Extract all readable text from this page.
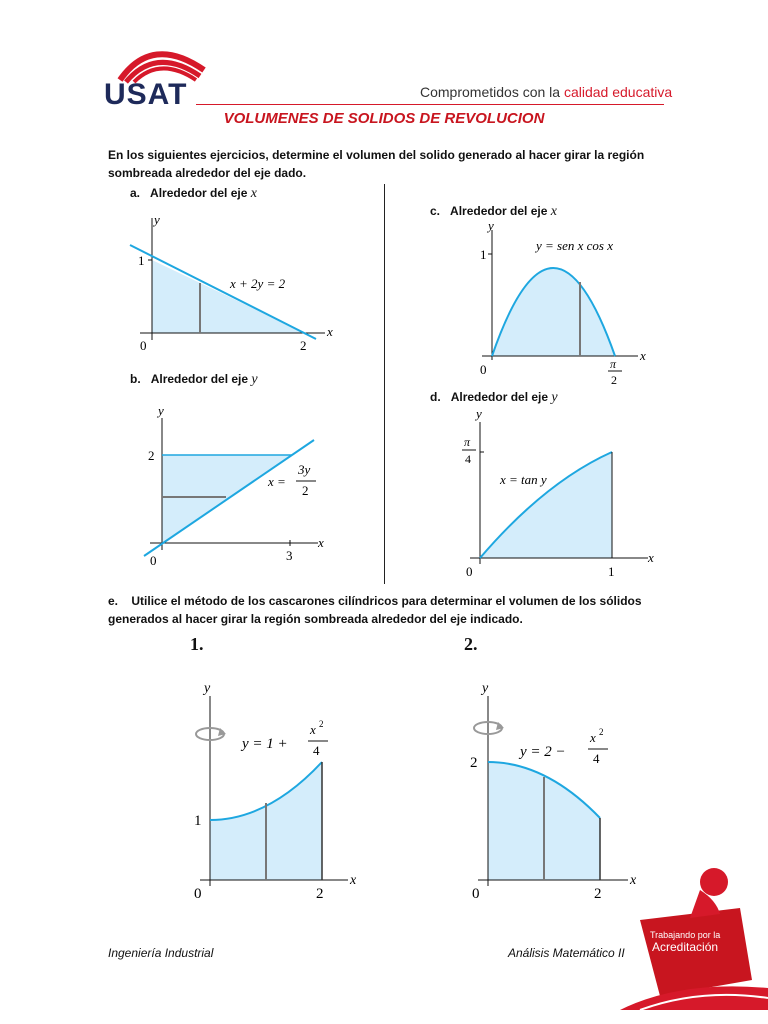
USAT	Comprometidos con la calidad educativa
VOLUMENES DE SOLIDOS DE REVOLUCION
En los siguientes ejercicios, determine el volumen del solido generado al hacer girar la región sombreada alrededor del eje dado.
a. Alrededor del eje x
b. Alrededor del eje y
c. Alrededor del eje x
d. Alrededor del eje y
y
x
1
2
0
x + 2y = 2
y
x
2
3
0
x =
3y
2
y
x
1
0	π
2
y = sen x cos x
y
x
π
4
1
0
x = tan y
e. Utilice el método de los cascarones cilíndricos para determinar el volumen de los sólidos generados al hacer girar la región sombreada alrededor del eje indicado.
1.	2.
y
x
1
2
0
y = 1 +
x 2
4
y
x
2
2
0
y = 2 −
x 2
4
Ingeniería Industrial	Análisis Matemático II
Trabajando por la
Acreditación
